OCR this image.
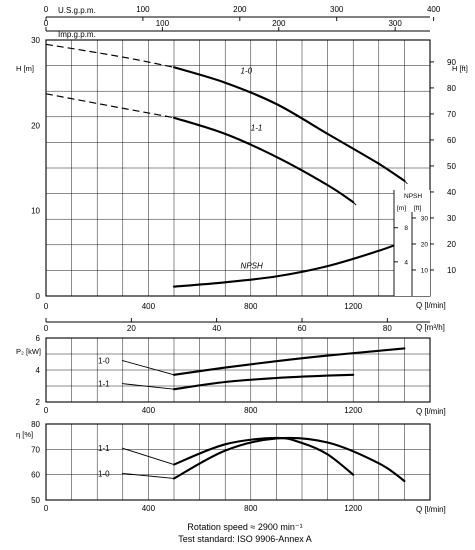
U.S.g.p.m.
Imp.g.p.m.
0	100	200	300	400
0	100	200	300
H [m]	H [ft]
0
10
20
30
10
20
30
40
50
60
70
80
90
1-0
1-1
NPSH
NPSH
[m] [ft]
4
8
10
20
30
0	400	800	1200	Q [l/min]
0	20	40	60	80	Q [m³/h]
P₂ [kW]
2
4
6
1-0
1-1
0	400	800	1200	Q [l/min]
η [%]
50
60
70
80
1-0
1-1
0	400	800	1200	Q [l/min]
Rotation speed ≈ 2900 min⁻¹
Test standard: ISO 9906-Annex A
